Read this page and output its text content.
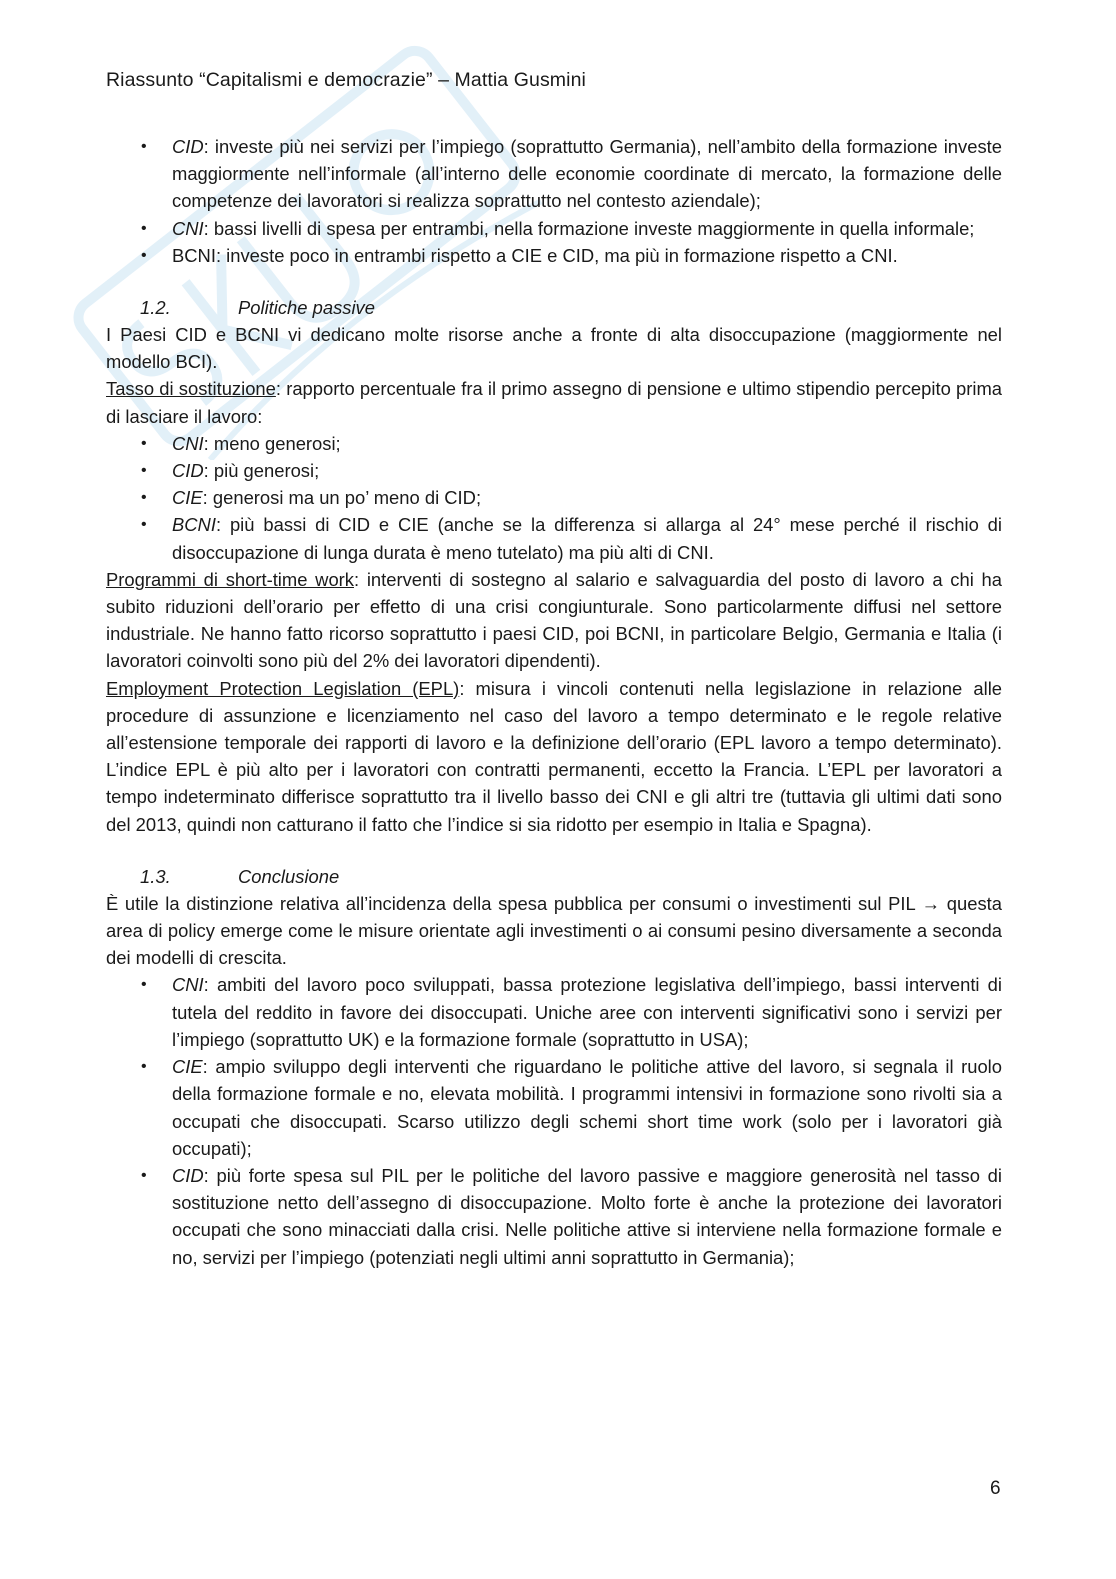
Riassunto “Capitalismi e democrazie” – Mattia Gusmini
• CID: investe più nei servizi per l’impiego (soprattutto Germania), nell’ambito della formazione investe maggiormente nell’informale (all’interno delle economie coordinate di mercato, la formazione delle competenze dei lavoratori si realizza soprattutto nel contesto aziendale);
• CNI: bassi livelli di spesa per entrambi, nella formazione investe maggiormente in quella informale;
• BCNI: investe poco in entrambi rispetto a CIE e CID, ma più in formazione rispetto a CNI.
1.2.	Politiche passive

I Paesi CID e BCNI vi dedicano molte risorse anche a fronte di alta disoccupazione (maggiormente nel modello BCI).

Tasso di sostituzione: rapporto percentuale fra il primo assegno di pensione e ultimo stipendio percepito prima di lasciare il lavoro:

• CNI: meno generosi;
• CID: più generosi;
• CIE: generosi ma un po’ meno di CID;
• BCNI: più bassi di CID e CIE (anche se la differenza si allarga al 24° mese perché il rischio di disoccupazione di lunga durata è meno tutelato) ma più alti di CNI.

Programmi di short-time work: interventi di sostegno al salario e salvaguardia del posto di lavoro a chi ha subito riduzioni dell’orario per effetto di una crisi congiunturale. Sono particolarmente diffusi nel settore industriale. Ne hanno fatto ricorso soprattutto i paesi CID, poi BCNI, in particolare Belgio, Germania e Italia (i lavoratori coinvolti sono più del 2% dei lavoratori dipendenti).

Employment Protection Legislation (EPL): misura i vincoli contenuti nella legislazione in relazione alle procedure di assunzione e licenziamento nel caso del lavoro a tempo determinato e le regole relative all’estensione temporale dei rapporti di lavoro e la definizione dell’orario (EPL lavoro a tempo determinato). L’indice EPL è più alto per i lavoratori con contratti permanenti, eccetto la Francia. L’EPL per lavoratori a tempo indeterminato differisce soprattutto tra il livello basso dei CNI e gli altri tre (tuttavia gli ultimi dati sono del 2013, quindi non catturano il fatto che l’indice si sia ridotto per esempio in Italia e Spagna).

1.3.	Conclusione

È utile la distinzione relativa all’incidenza della spesa pubblica per consumi o investimenti sul PIL → questa area di policy emerge come le misure orientate agli investimenti o ai consumi pesino diversamente a seconda dei modelli di crescita.

• CNI: ambiti del lavoro poco sviluppati, bassa protezione legislativa dell’impiego, bassi interventi di tutela del reddito in favore dei disoccupati. Uniche aree con interventi significativi sono i servizi per l’impiego (soprattutto UK) e la formazione formale (soprattutto in USA);
• CIE: ampio sviluppo degli interventi che riguardano le politiche attive del lavoro, si segnala il ruolo della formazione formale e no, elevata mobilità. I programmi intensivi in formazione sono rivolti sia a occupati che disoccupati. Scarso utilizzo degli schemi short time work (solo per i lavoratori già occupati);
• CID: più forte spesa sul PIL per le politiche del lavoro passive e maggiore generosità nel tasso di sostituzione netto dell’assegno di disoccupazione. Molto forte è anche la protezione dei lavoratori occupati che sono minacciati dalla crisi. Nelle politiche attive si interviene nella formazione formale e no, servizi per l’impiego (potenziati negli ultimi anni soprattutto in Germania);
6
